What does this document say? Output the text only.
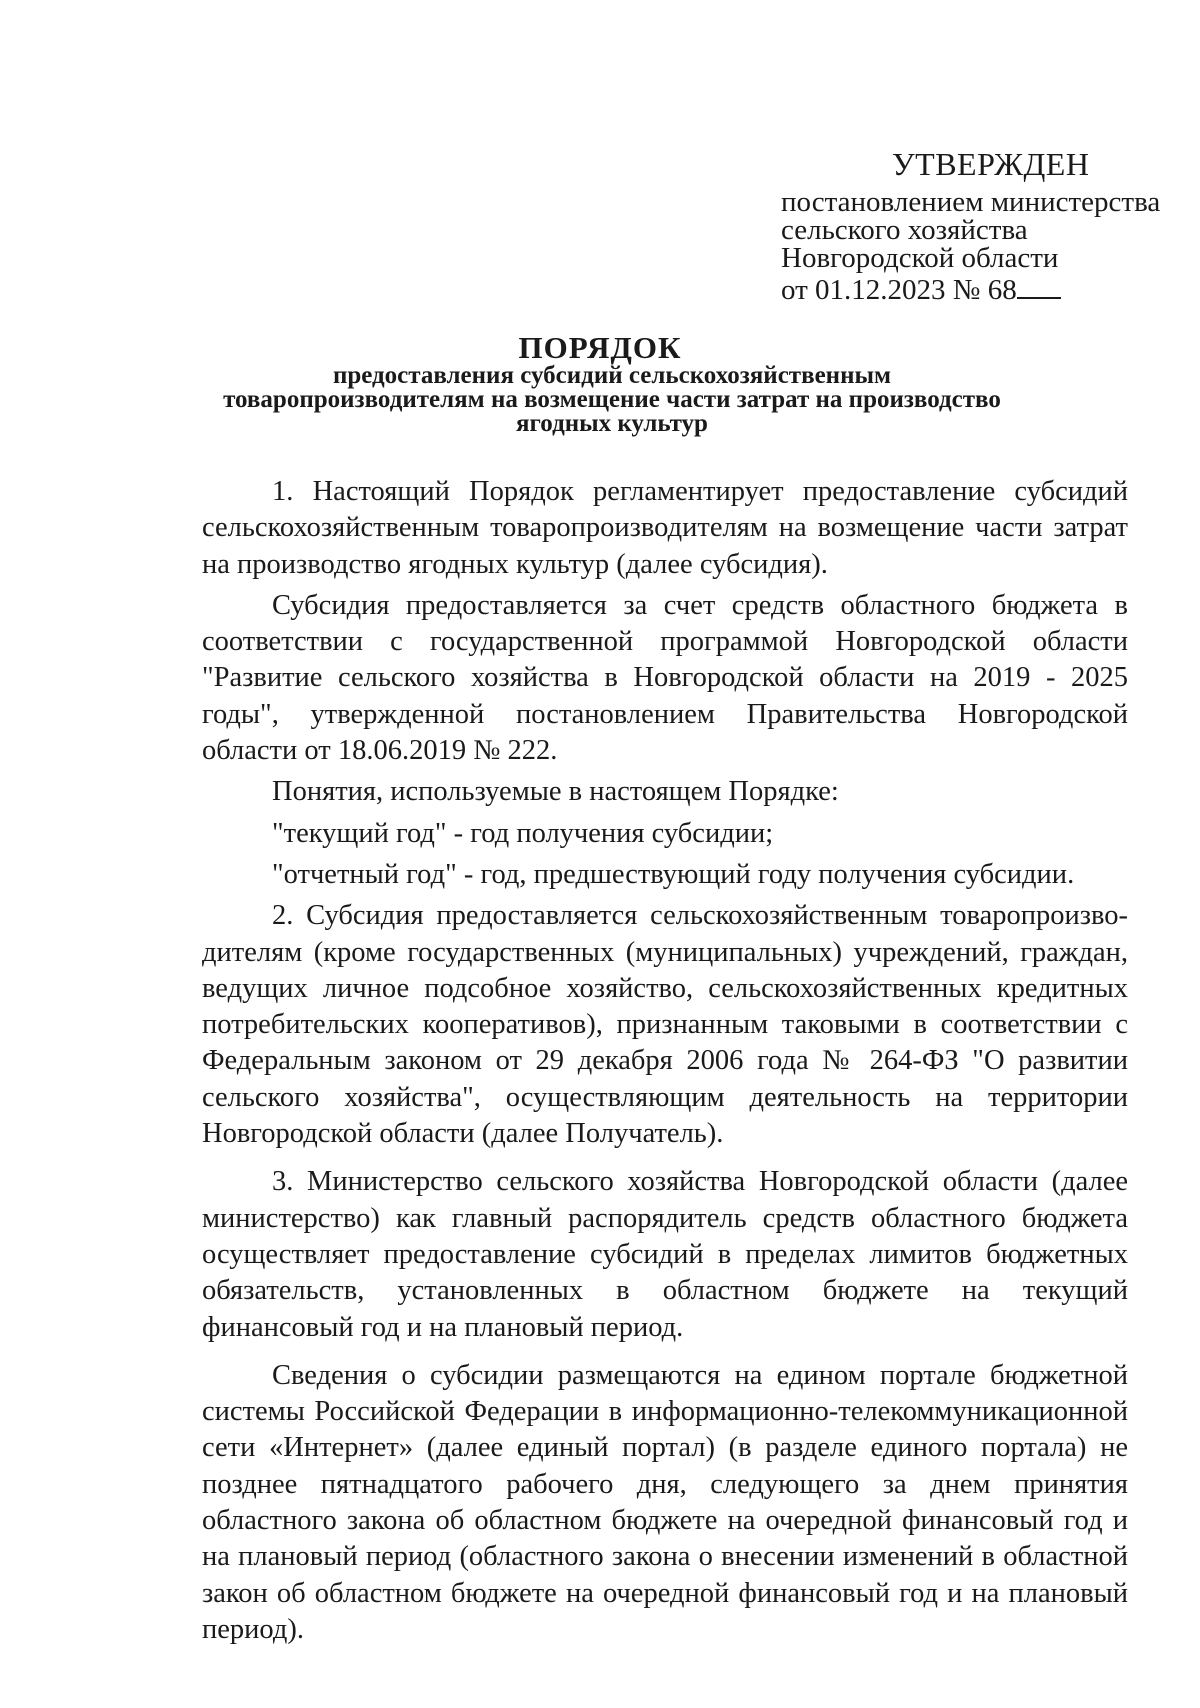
УТВЕРЖДЕН
постановлением министерства
сельского хозяйства
Новгородской области
от 01.12.2023 № 68
ПОРЯДОК
предоставления субсидий сельскохозяйственным
товаропроизводителям на возмещение части затрат на производство
ягодных культур

1. Настоящий Порядок регламентирует предоставление субсидий сельскохозяйственным товаропроизводителям на возмещение части затрат на производство ягодных культур (далее субсидия).

Субсидия предоставляется за счет средств областного бюджета в соответствии с государственной программой Новгородской области "Развитие сельского хозяйства в Новгородской области на 2019 - 2025 годы", утвержденной постановлением Правительства Новгородской области от 18.06.2019 № 222.

Понятия, используемые в настоящем Порядке:

"текущий год" - год получения субсидии;

"отчетный год" - год, предшествующий году получения субсидии.

2. Субсидия предоставляется сельскохозяйственным товаропроизво-дителям (кроме государственных (муниципальных) учреждений, граждан, ведущих личное подсобное хозяйство, сельскохозяйственных кредитных потребительских кооперативов), признанным таковыми в соответствии с Федеральным законом от 29 декабря 2006 года № 264-ФЗ "О развитии сельского хозяйства", осуществляющим деятельность на территории Новгородской области (далее Получатель).

3. Министерство сельского хозяйства Новгородской области (далее министерство) как главный распорядитель средств областного бюджета осуществляет предоставление субсидий в пределах лимитов бюджетных обязательств, установленных в областном бюджете на текущий финансовый год и на плановый период.

Сведения о субсидии размещаются на едином портале бюджетной системы Российской Федерации в информационно-телекоммуникационной сети «Интернет» (далее единый портал) (в разделе единого портала) не позднее пятнадцатого рабочего дня, следующего за днем принятия областного закона об областном бюджете на очередной финансовый год и на плановый период (областного закона о внесении изменений в областной закон об областном бюджете на очередной финансовый год и на плановый период).
